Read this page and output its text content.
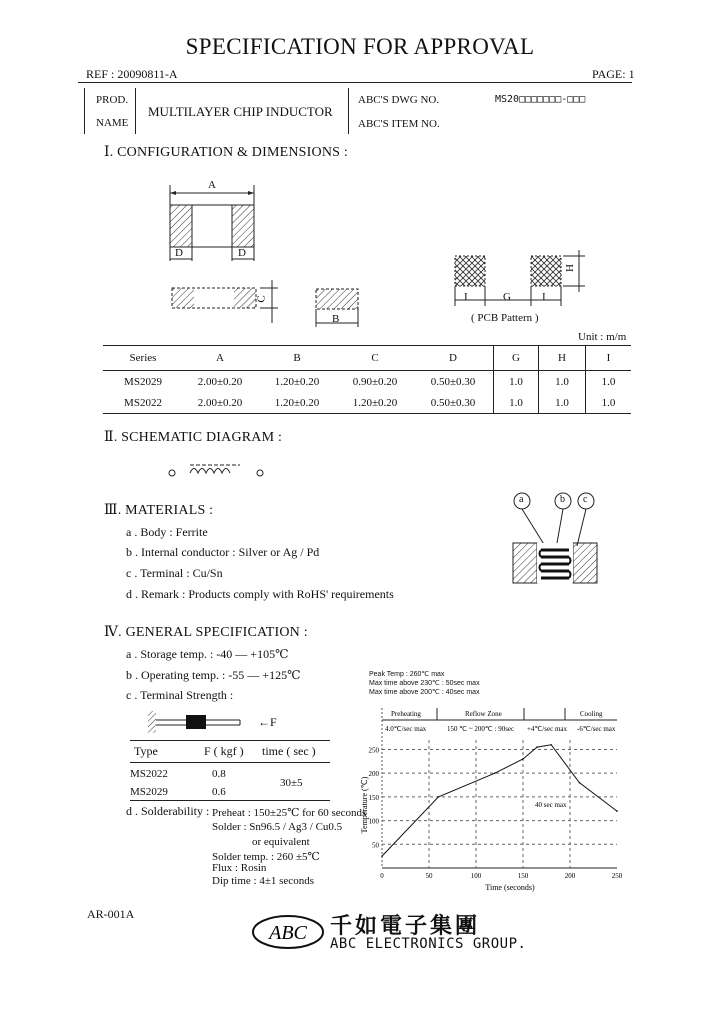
SPECIFICATION FOR APPROVAL
REF : 20090811-A	PAGE: 1
PROD.
NAME
MULTILAYER CHIP INDUCTOR
ABC'S DWG NO.	MS20□□□□□□□-□□□
ABC'S ITEM NO.
Ⅰ. CONFIGURATION & DIMENSIONS :
A
D	D
C
B
I	G	I
H
( PCB Pattern )
Unit : m/m
Series	A	B	C	D	G	H	I
MS2029	2.00±0.20	1.20±0.20	0.90±0.20	0.50±0.30	1.0	1.0	1.0
MS2022	2.00±0.20	1.20±0.20	1.20±0.20	0.50±0.30	1.0	1.0	1.0
Ⅱ. SCHEMATIC DIAGRAM :
Ⅲ. MATERIALS :
a . Body : Ferrite
b . Internal conductor : Silver or Ag / Pd
c . Terminal : Cu/Sn
d . Remark : Products comply with RoHS' requirements
a	b c
Ⅳ. GENERAL SPECIFICATION :
a . Storage temp. : -40 — +105℃
b . Operating temp. : -55 — +125℃
c . Terminal Strength :
←F
Type	F ( kgf ) time ( sec )
MS2022	0.8
MS2029	0.6
30±5
d . Solderability : Preheat : 150±25℃ for 60 seconds
Solder : Sn96.5 / Ag3 / Cu0.5
or equivalent
Solder temp. : 260 ±5℃
Flux : Rosin
Dip time : 4±1 seconds
Peak Temp : 260℃ max
Max time above 230℃ : 50sec max
Max time above 200℃ : 40sec max
Preheating	Reflow Zone	Cooling
4.0℃/sec max	150 ℃ ~ 200℃ : 90sec +4℃/sec max -6℃/sec max
40 sec max
50
100
150
200
250
0	50	100	150	200	250
Temperature (℃)
Time (seconds)
AR-001A
ABC 千如電子集團
ABC ELECTRONICS GROUP.
